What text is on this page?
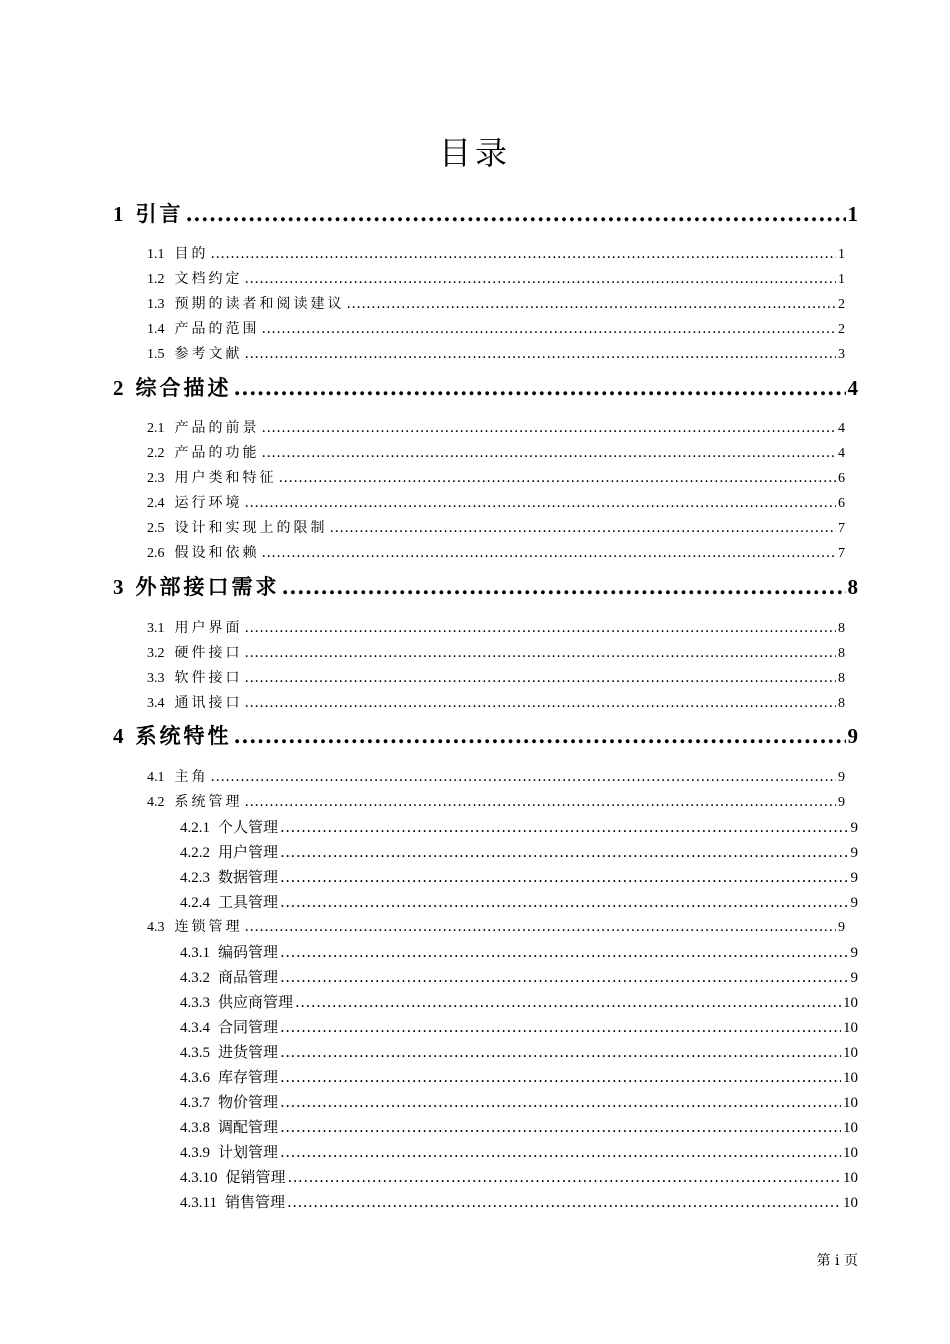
目录
1 引言 .....	1
1.1 目的 .....	1
1.2 文档约定 .....	1
1.3 预期的读者和阅读建议 .....	2
1.4 产品的范围 .....	2
1.5 参考文献 .....	3
2 综合描述 .....	4
2.1 产品的前景 .....	4
2.2 产品的功能 .....	4
2.3 用户类和特征 .....	6
2.4 运行环境 .....	6
2.5 设计和实现上的限制 .....	7
2.6 假设和依赖 .....	7
3 外部接口需求 .....	8
3.1 用户界面 .....	8
3.2 硬件接口 .....	8
3.3 软件接口 .....	8
3.4 通讯接口 .....	8
4 系统特性 .....	9
4.1 主角 .....	9
4.2 系统管理 .....	9
4.2.1 个人管理 .....	9
4.2.2 用户管理 .....	9
4.2.3 数据管理 .....	9
4.2.4 工具管理 .....	9
4.3 连锁管理 .....	9
4.3.1 编码管理 .....	9
4.3.2 商品管理 .....	9
4.3.3 供应商管理 .....	10
4.3.4 合同管理 .....	10
4.3.5 进货管理 .....	10
4.3.6 库存管理 .....	10
4.3.7 物价管理 .....	10
4.3.8 调配管理 .....	10
4.3.9 计划管理 .....	10
4.3.10 促销管理 .....	10
4.3.11 销售管理 .....	10
第 i 页
